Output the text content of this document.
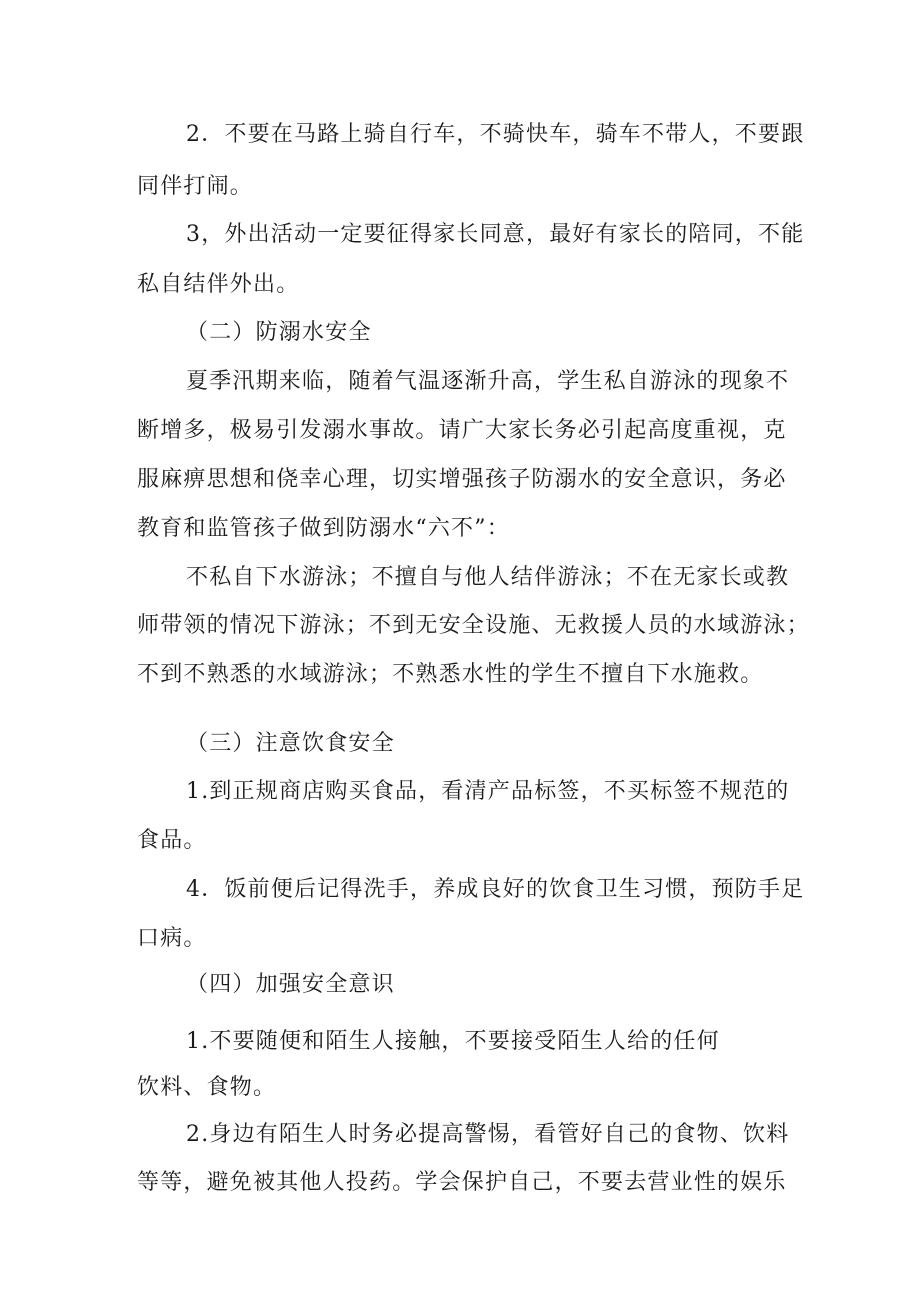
2．不要在马路上骑自行车，不骑快车，骑车不带人，不要跟
同伴打闹。
3，外出活动一定要征得家长同意，最好有家长的陪同，不能
私自结伴外出。
（二）防溺水安全
夏季汛期来临，随着气温逐渐升高，学生私自游泳的现象不
断增多，极易引发溺水事故。请广大家长务必引起高度重视，克
服麻痹思想和侥幸心理，切实增强孩子防溺水的安全意识，务必
教育和监管孩子做到防溺水“六不”：
不私自下水游泳；不擅自与他人结伴游泳；不在无家长或教
师带领的情况下游泳；不到无安全设施、无救援人员的水域游泳；
不到不熟悉的水域游泳；不熟悉水性的学生不擅自下水施救。
（三）注意饮食安全
1.到正规商店购买食品，看清产品标签，不买标签不规范的
食品。
4．饭前便后记得洗手，养成良好的饮食卫生习惯，预防手足
口病。
（四）加强安全意识
1.不要随便和陌生人接触，不要接受陌生人给的任何
饮料、食物。
2.身边有陌生人时务必提高警惕，看管好自己的食物、饮料
等等，避免被其他人投药。学会保护自己，不要去营业性的娱乐
